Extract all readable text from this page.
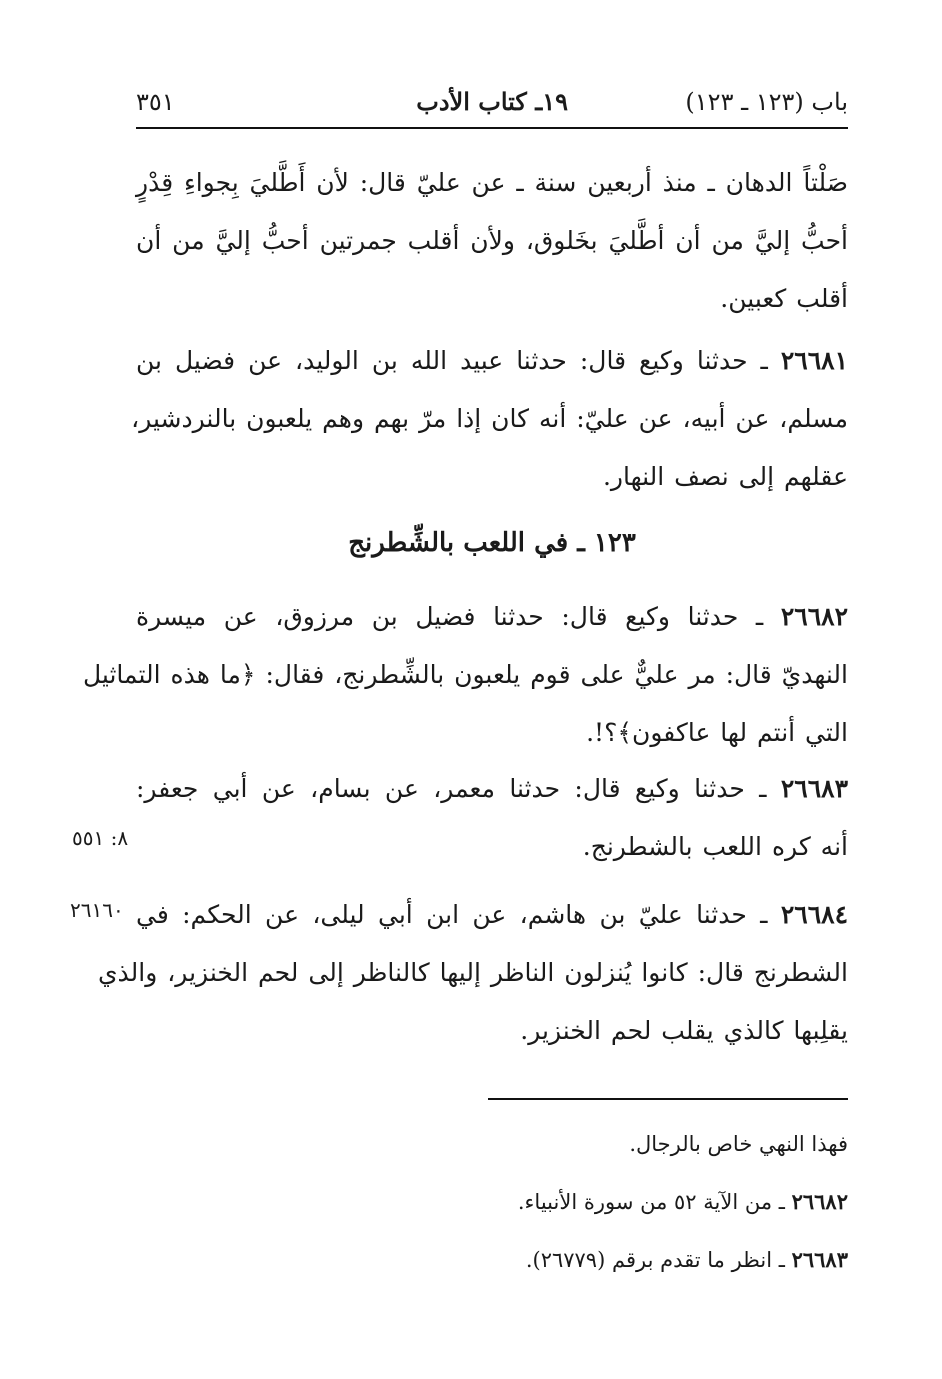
باب (١٢٣ ـ ١٢٣)
١٩ـ كتاب الأدب
٣٥١
صَلْتاً الدهان ـ منذ أربعين سنة ـ عن عليّ قال: لأن أَطَّليَ بِجواءِ قِدْرٍ
أحبُّ إليَّ من أن أطَّليَ بخَلوق، ولأن أقلب جمرتين أحبُّ إليَّ من أن
أقلب كعبين.
٢٦٦٨١ ـ حدثنا وكيع قال: حدثنا عبيد الله بن الوليد، عن فضيل بن
مسلم، عن أبيه، عن عليّ: أنه كان إذا مرّ بهم وهم يلعبون بالنردشير،
عقلهم إلى نصف النهار.
١٢٣ ـ في اللعب بالشِّطرنج
٢٦٦٨٢ ـ حدثنا وكيع قال: حدثنا فضيل بن مرزوق، عن ميسرة
النهديّ قال: مر عليٌّ على قوم يلعبون بالشِّطرنج، فقال: ﴿ما هذه التماثيل
التي أنتم لها عاكفون﴾؟!.
٢٦٦٨٣ ـ حدثنا وكيع قال: حدثنا معمر، عن بسام، عن أبي جعفر:
أنه كره اللعب بالشطرنج.
٨: ٥٥١
٢٦٦٨٤ ـ حدثنا عليّ بن هاشم، عن ابن أبي ليلى، عن الحكم: في
الشطرنج قال: كانوا يُنزلون الناظر إليها كالناظر إلى لحم الخنزير، والذي
يقلِبها كالذي يقلب لحم الخنزير.
٢٦١٦٠
فهذا النهي خاص بالرجال.
٢٦٦٨٢ ـ من الآية ٥٢ من سورة الأنبياء.
٢٦٦٨٣ ـ انظر ما تقدم برقم (٢٦٧٧٩).
